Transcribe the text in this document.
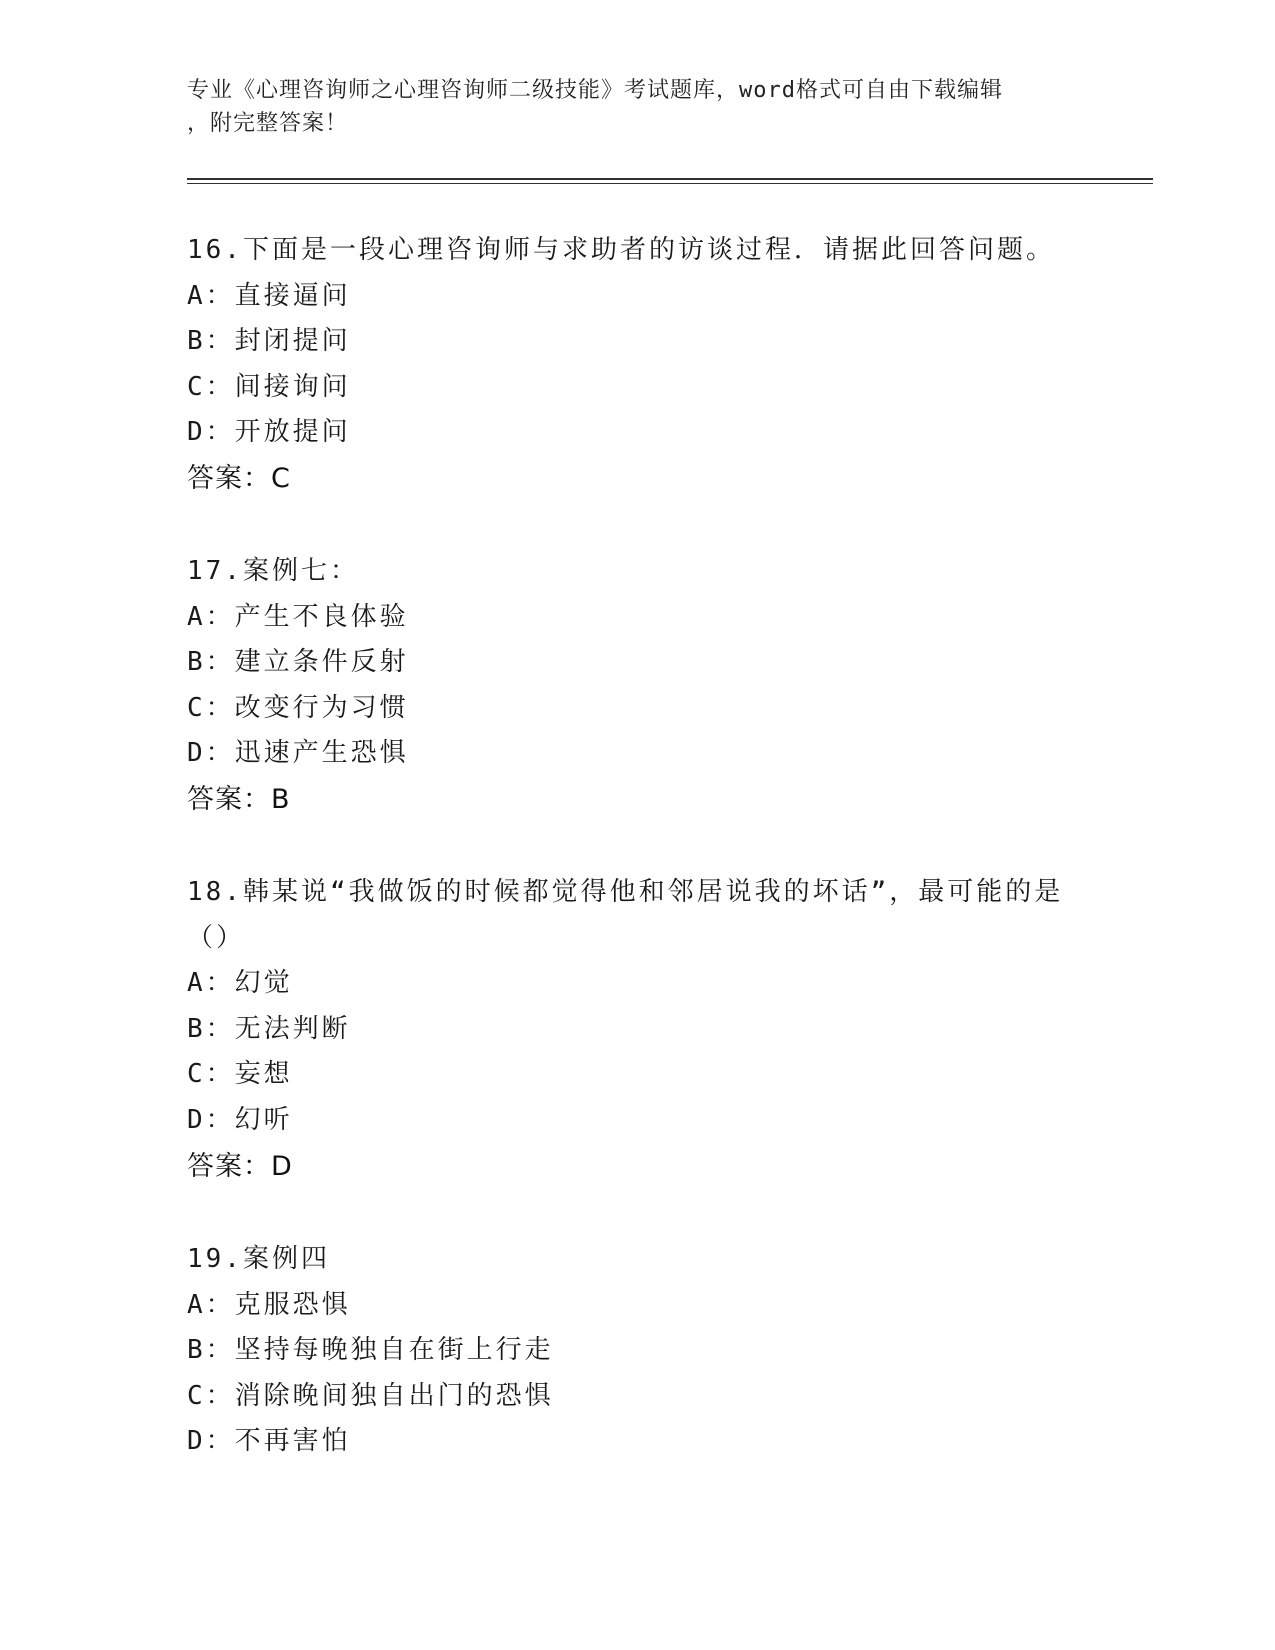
专业《心理咨询师之心理咨询师二级技能》考试题库，word格式可自由下载编辑
，附完整答案！
16.下面是一段心理咨询师与求助者的访谈过程．请据此回答问题。
A：直接逼问
B：封闭提问
C：间接询问
D：开放提问
答案：C
17.案例七：
A：产生不良体验
B：建立条件反射
C：改变行为习惯
D：迅速产生恐惧
答案：B
18.韩某说“我做饭的时候都觉得他和邻居说我的坏话”，最可能的是
（）
A：幻觉
B：无法判断
C：妄想
D：幻听
答案：D
19.案例四
A：克服恐惧
B：坚持每晚独自在街上行走
C：消除晚间独自出门的恐惧
D：不再害怕
